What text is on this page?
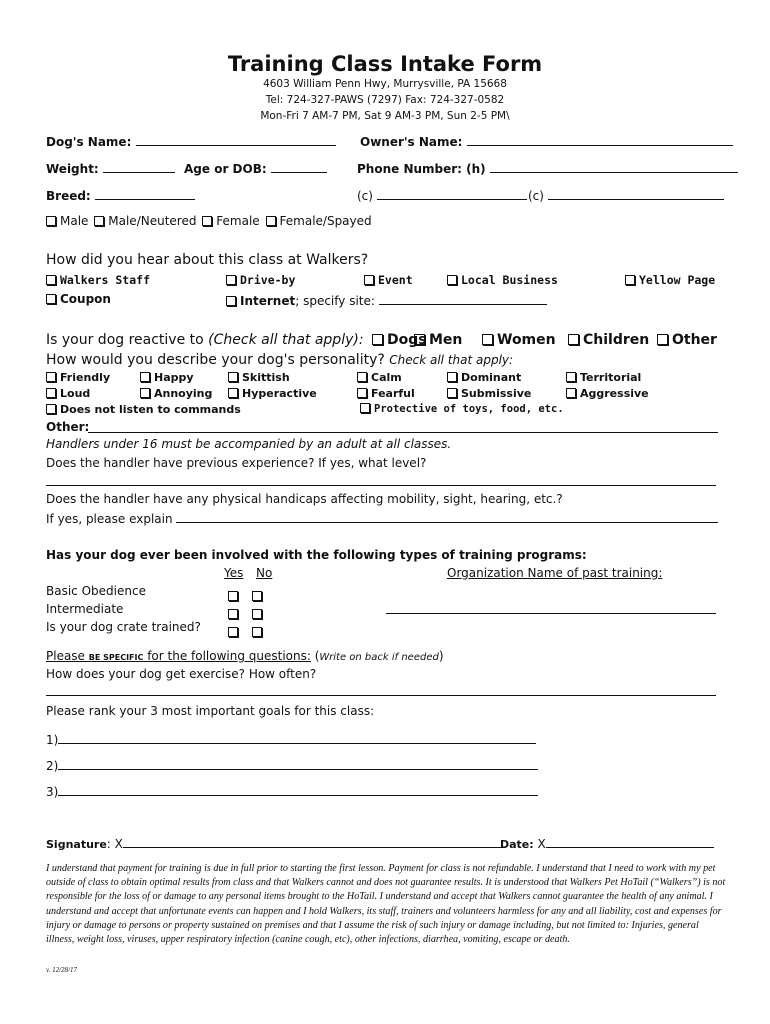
Training Class Intake Form
4603 William Penn Hwy, Murrysville, PA 15668
Tel: 724-327-PAWS (7297) Fax: 724-327-0582
Mon-Fri 7 AM-7 PM, Sat 9 AM-3 PM, Sun 2-5 PM\
Dog's Name:	Owner's Name:
Weight:	Age or DOB:	Phone Number: (h)
Breed:	(c)	(c)
Male Male/Neutered Female Female/Spayed
How did you hear about this class at Walkers?
Walkers Staff	Drive-by	Event	Local Business	Yellow Page
Coupon	Internet; specify site:
Is your dog reactive to (Check all that apply): Dogs Men	Women	Children	Other
How would you describe your dog's personality? Check all that apply:
Friendly	Happy	Skittish	Calm	Dominant	Territorial
Loud	Annoying	Hyperactive	Fearful	Submissive	Aggressive
Does not listen to commands	Protective of toys, food, etc.
Other:
Handlers under 16 must be accompanied by an adult at all classes.
Does the handler have previous experience? If yes, what level?
Does the handler have any physical handicaps affecting mobility, sight, hearing, etc.?
If yes, please explain
Has your dog ever been involved with the following types of training programs:
Yes No	Organization Name of past training:
Basic Obedience
Intermediate
Is your dog crate trained?
Please BE SPECIFIC for the following questions: (Write on back if needed)
How does your dog get exercise? How often?
Please rank your 3 most important goals for this class:
1)
2)
3)
Signature: X	Date: X
I understand that payment for training is due in full prior to starting the first lesson. Payment for class is not refundable. I understand that I need to work with my pet outside of class to obtain optimal results from class and that Walkers cannot and does not guarantee results. It is understood that Walkers Pet HoTail (“Walkers”) is not responsible for the loss of or damage to any personal items brought to the HoTail. I understand and accept that Walkers cannot guarantee the health of any animal. I understand and accept that unfortunate events can happen and I hold Walkers, its staff, trainers and volunteers harmless for any and all liability, cost and expenses for injury or damage to persons or property sustained on premises and that I assume the risk of such injury or damage including, but not limited to: Injuries, general illness, weight loss, viruses, upper respiratory infection (canine cough, etc), other infections, diarrhea, vomiting, escape or death.
v. 12/28/17
